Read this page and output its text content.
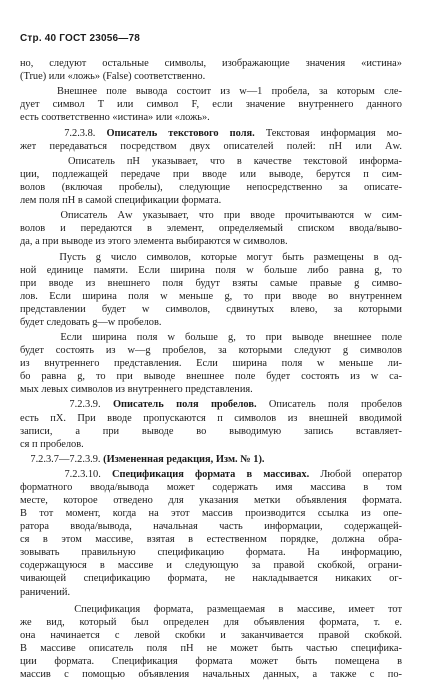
Стр. 40 ГОСТ 23056—78
но, следуют остальные символы, изображающие значения «истина»
(True) или «ложь» (False) соответственно.
Внешнее поле вывода состоит из w—1 пробела, за которым сле-
дует символ T или символ F, если значение внутреннего данного
есть соответственно «истина» или «ложь».
7.2.3.8. Описатель текстового поля. Текстовая информация мо-
жет передаваться посредством двух описателей полей: пН или Аw.
Описатель пН указывает, что в качестве текстовой информа-
ции, подлежащей передаче при вводе или выводе, берутся п сим-
волов (включая пробелы), следующие непосредственно за описате-
лем поля пН в самой спецификации формата.
Описатель Аw указывает, что при вводе прочитываются w сим-
волов и передаются в элемент, определяемый списком ввода/выво-
да, а при выводе из этого элемента выбираются w символов.
Пусть g число символов, которые могут быть размещены в од-
ной единице памяти. Если ширина поля w больше либо равна g, то
при вводе из внешнего поля будут взяты самые правые g симво-
лов. Если ширина поля w меньше g, то при вводе во внутреннем
представлении будет w символов, сдвинутых влево, за которыми
будет следовать g—w пробелов.
Если ширина поля w больше g, то при выводе внешнее поле
будет состоять из w—g пробелов, за которыми следуют g символов
из внутреннего представления. Если ширина поля w меньше ли-
бо равна g, то при выводе внешнее поле будет состоять из w са-
мых левых символов из внутреннего представления.
7.2.3.9. Описатель поля пробелов. Описатель поля пробелов
есть пХ. При вводе пропускаются п символов из внешней вводимой
записи, а при выводе во выводимую запись вставляет-
ся п пробелов.
7.2.3.7—7.2.3.9. (Измененная редакция, Изм. № 1).
7.2.3.10. Спецификация формата в массивах. Любой оператор
форматного ввода/вывода может содержать имя массива в том
месте, которое отведено для указания метки объявления формата.
В тот момент, когда на этот массив производится ссылка из опе-
ратора ввода/вывода, начальная часть информации, содержащей-
ся в этом массиве, взятая в естественном порядке, должна обра-
зовывать правильную спецификацию формата. На информацию,
содержащуюся в массиве и следующую за правой скобкой, ограни-
чивающей спецификацию формата, не накладывается никаких ог-
раничений.
Спецификация формата, размещаемая в массиве, имеет тот
же вид, который был определен для объявления формата, т. е.
она начинается с левой скобки и заканчивается правой скобкой.
В массиве описатель поля пН не может быть частью специфика-
ции формата. Спецификация формата может быть помещена в
массив с помощью объявления начальных данных, а также с по-
